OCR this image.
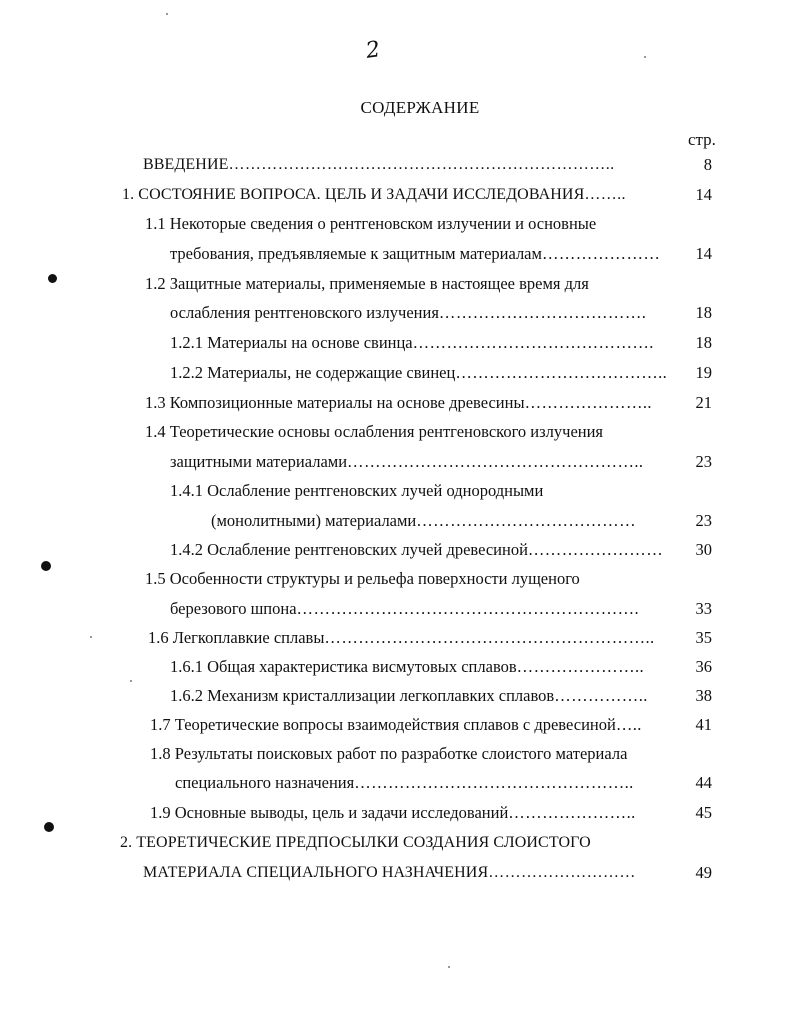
2
СОДЕРЖАНИЕ
стр.
ВВЕДЕНИЕ……………………………………………………………..	8
1. СОСТОЯНИЕ ВОПРОСА. ЦЕЛЬ И ЗАДАЧИ ИССЛЕДОВАНИЯ……..	14
1.1 Некоторые сведения о рентгеновском излучении и основные
требования, предъявляемые к защитным материалам…………………	14
1.2 Защитные материалы, применяемые в настоящее время для
ослабления рентгеновского излучения……………………………….	18
1.2.1 Материалы на основе свинца…………………………………….	18
1.2.2 Материалы, не содержащие свинец………………………………..	19
1.3 Композиционные материалы на основе древесины…………………..	21
1.4 Теоретические основы ослабления рентгеновского излучения
защитными материалами……………………………………………..	23
1.4.1 Ослабление рентгеновских лучей однородными
(монолитными) материалами…………………………………	23
1.4.2 Ослабление рентгеновских лучей древесиной……………………	30
1.5 Особенности структуры и рельефа поверхности лущеного
березового шпона…………………………………………………….	33
1.6 Легкоплавкие сплавы…………………………………………………..	35
1.6.1 Общая характеристика висмутовых сплавов…………………..	36
1.6.2 Механизм кристаллизации легкоплавких сплавов……………..	38
1.7 Теоретические вопросы взаимодействия сплавов с древесиной…..	41
1.8 Результаты поисковых работ по разработке слоистого материала
специального назначения…………………………………………..	44
1.9 Основные выводы, цель и задачи исследований…………………..	45
2. ТЕОРЕТИЧЕСКИЕ ПРЕДПОСЫЛКИ СОЗДАНИЯ СЛОИСТОГО
МАТЕРИАЛА СПЕЦИАЛЬНОГО НАЗНАЧЕНИЯ………………………	49
